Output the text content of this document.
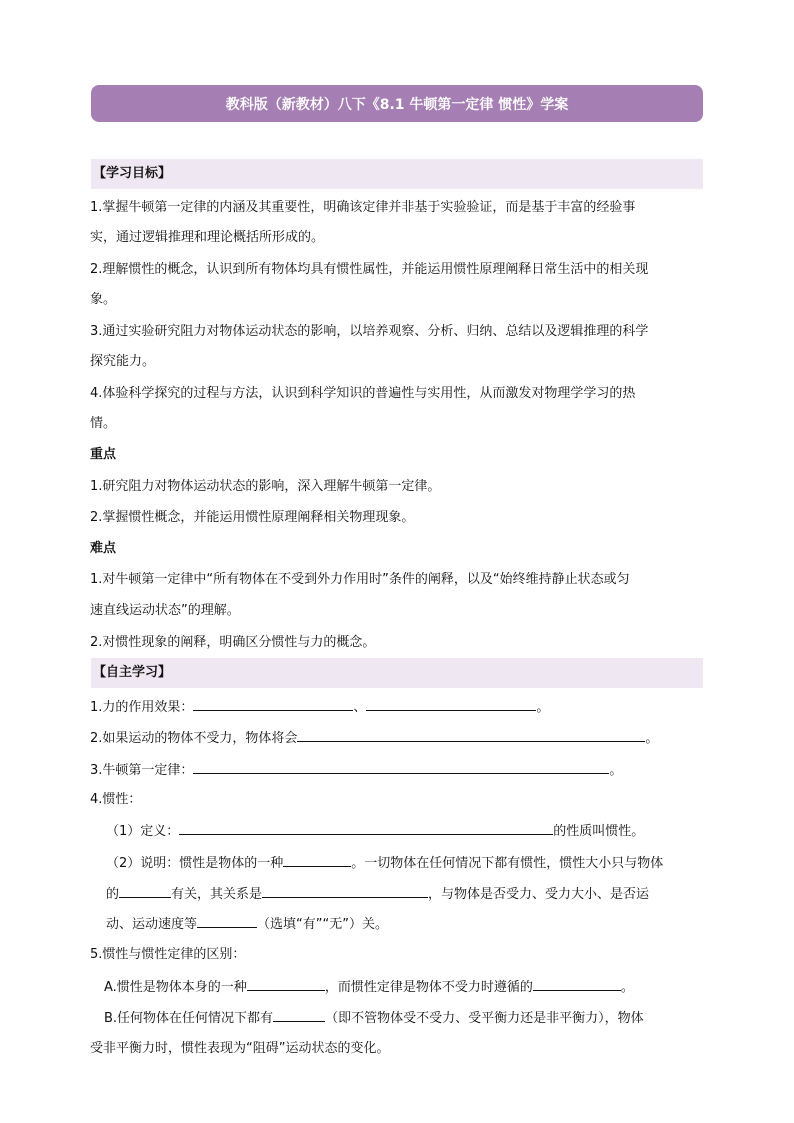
教科版（新教材）八下《8.1 牛顿第一定律 惯性》学案
【学习目标】
1.掌握牛顿第一定律的内涵及其重要性，明确该定律并非基于实验验证，而是基于丰富的经验事
实，通过逻辑推理和理论概括所形成的。
2.理解惯性的概念，认识到所有物体均具有惯性属性，并能运用惯性原理阐释日常生活中的相关现
象。
3.通过实验研究阻力对物体运动状态的影响，以培养观察、分析、归纳、总结以及逻辑推理的科学
探究能力。
4.体验科学探究的过程与方法，认识到科学知识的普遍性与实用性，从而激发对物理学学习的热
情。
重点
1.研究阻力对物体运动状态的影响，深入理解牛顿第一定律。
2.掌握惯性概念，并能运用惯性原理阐释相关物理现象。
难点
1.对牛顿第一定律中“所有物体在不受到外力作用时”条件的阐释，以及“始终维持静止状态或匀
速直线运动状态”的理解。
2.对惯性现象的阐释，明确区分惯性与力的概念。
【自主学习】
1.力的作用效果：	、	。
2.如果运动的物体不受力，物体将会	。
3.牛顿第一定律：	。
4.惯性：
（1）定义：	的性质叫惯性。
（2）说明：惯性是物体的一种	。一切物体在任何情况下都有惯性，惯性大小只与物体
的	有关，其关系是	，与物体是否受力、受力大小、是否运
动、运动速度等	（选填“有”“无”）关。
5.惯性与惯性定律的区别：
A.惯性是物体本身的一种	，而惯性定律是物体不受力时遵循的	。
B.任何物体在任何情况下都有	（即不管物体受不受力、受平衡力还是非平衡力），物体
受非平衡力时，惯性表现为“阻碍”运动状态的变化。
